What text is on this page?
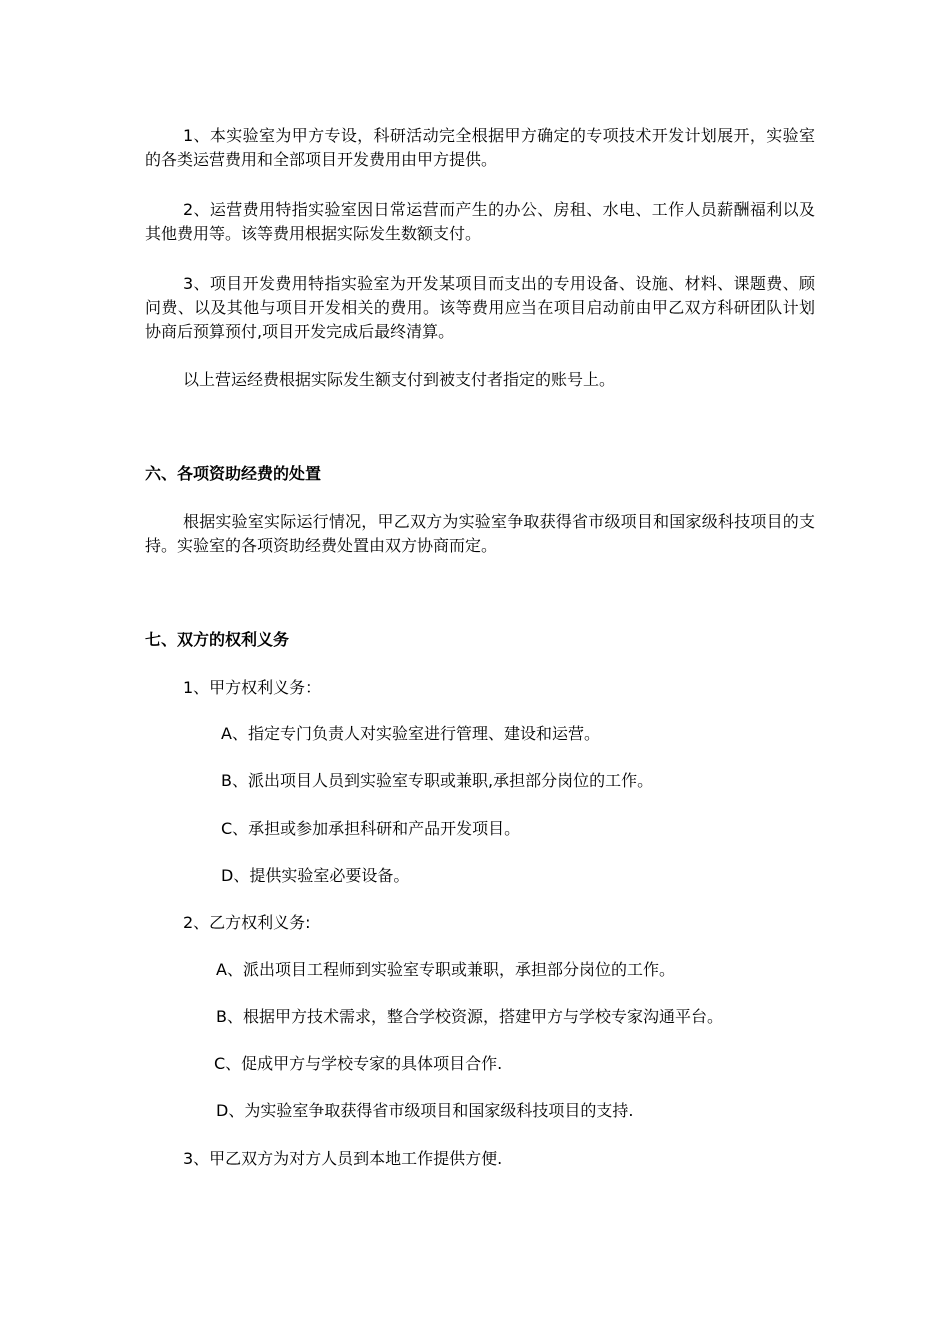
1、本实验室为甲方专设，科研活动完全根据甲方确定的专项技术开发计划展开，实验室的各类运营费用和全部项目开发费用由甲方提供。
2、运营费用特指实验室因日常运营而产生的办公、房租、水电、工作人员薪酬福利以及其他费用等。该等费用根据实际发生数额支付。
3、项目开发费用特指实验室为开发某项目而支出的专用设备、设施、材料、课题费、顾问费、以及其他与项目开发相关的费用。该等费用应当在项目启动前由甲乙双方科研团队计划协商后预算预付,项目开发完成后最终清算。
以上营运经费根据实际发生额支付到被支付者指定的账号上。
六、各项资助经费的处置
根据实验室实际运行情况，甲乙双方为实验室争取获得省市级项目和国家级科技项目的支持。实验室的各项资助经费处置由双方协商而定。
七、双方的权利义务
1、甲方权利义务：
A、指定专门负责人对实验室进行管理、建设和运营。
B、派出项目人员到实验室专职或兼职,承担部分岗位的工作。
C、承担或参加承担科研和产品开发项目。
D、提供实验室必要设备。
2、乙方权利义务:
A、派出项目工程师到实验室专职或兼职，承担部分岗位的工作。
B、根据甲方技术需求，整合学校资源，搭建甲方与学校专家沟通平台。
C、促成甲方与学校专家的具体项目合作.
D、为实验室争取获得省市级项目和国家级科技项目的支持.
3、甲乙双方为对方人员到本地工作提供方便.
